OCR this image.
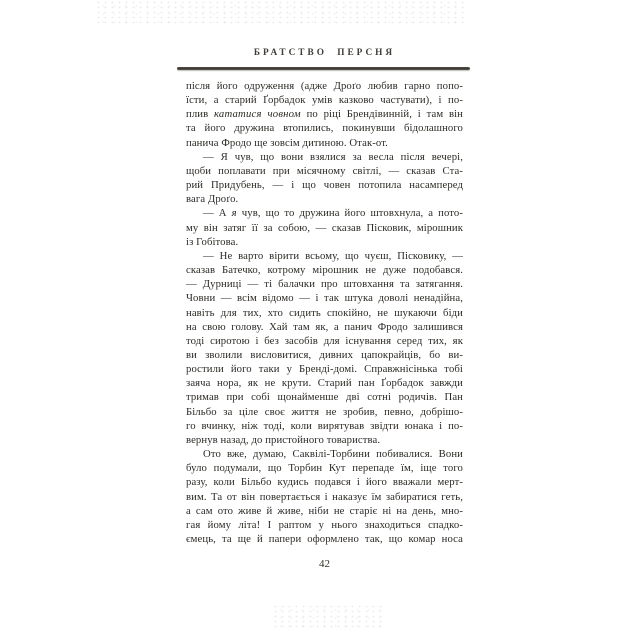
БРАТСТВО ПЕРСНЯ
після його одруження (адже Дроґо любив гарно попо-
їсти, а старий Ґорбадок умів казково частувати), і по-
плив кататися човном по ріці Брендівинній, і там він
та його дружина втопились, покинувши бідолашного
панича Фродо ще зовсім дитиною. Отак-от.
— Я чув, що вони взялися за весла після вечері,
щоби поплавати при місячному світлі, — сказав Ста-
рий Придубень, — і що човен потопила насамперед
вага Дроґо.
— А я чув, що то дружина його штовхнула, а пото-
му він затяг її за собою, — сказав Пісковик, мірошник
із Гобітова.
— Не варто вірити всьому, що чуєш, Пісковику, —
сказав Батечко, котрому мірошник не дуже подобався.
— Дурниці — ті балачки про штовхання та затягання.
Човни — всім відомо — і так штука доволі ненадійна,
навіть для тих, хто сидить спокійно, не шукаючи біди
на свою голову. Хай там як, а панич Фродо залишився
тоді сиротою і без засобів для існування серед тих, як
ви зволили висловитися, дивних цапокрайців, бо ви-
ростили його таки у Бренді-домі. Справжнісінька тобі
заяча нора, як не крути. Старий пан Ґорбадок завжди
тримав при собі щонайменше дві сотні родичів. Пан
Більбо за ціле своє життя не зробив, певно, добрішо-
го вчинку, ніж тоді, коли вирятував звідти юнака і по-
вернув назад, до пристойного товариства.
Ото вже, думаю, Саквілі-Торбини побивалися. Вони
було подумали, що Торбин Кут перепаде їм, іще того
разу, коли Більбо кудись подався і його вважали мерт-
вим. Та от він повертається і наказує їм забиратися геть,
а сам ото живе й живе, ніби не старіє ні на день, мно-
гая йому літа! І раптом у нього знаходиться спадко-
ємець, та ще й папери оформлено так, що комар носа
42
